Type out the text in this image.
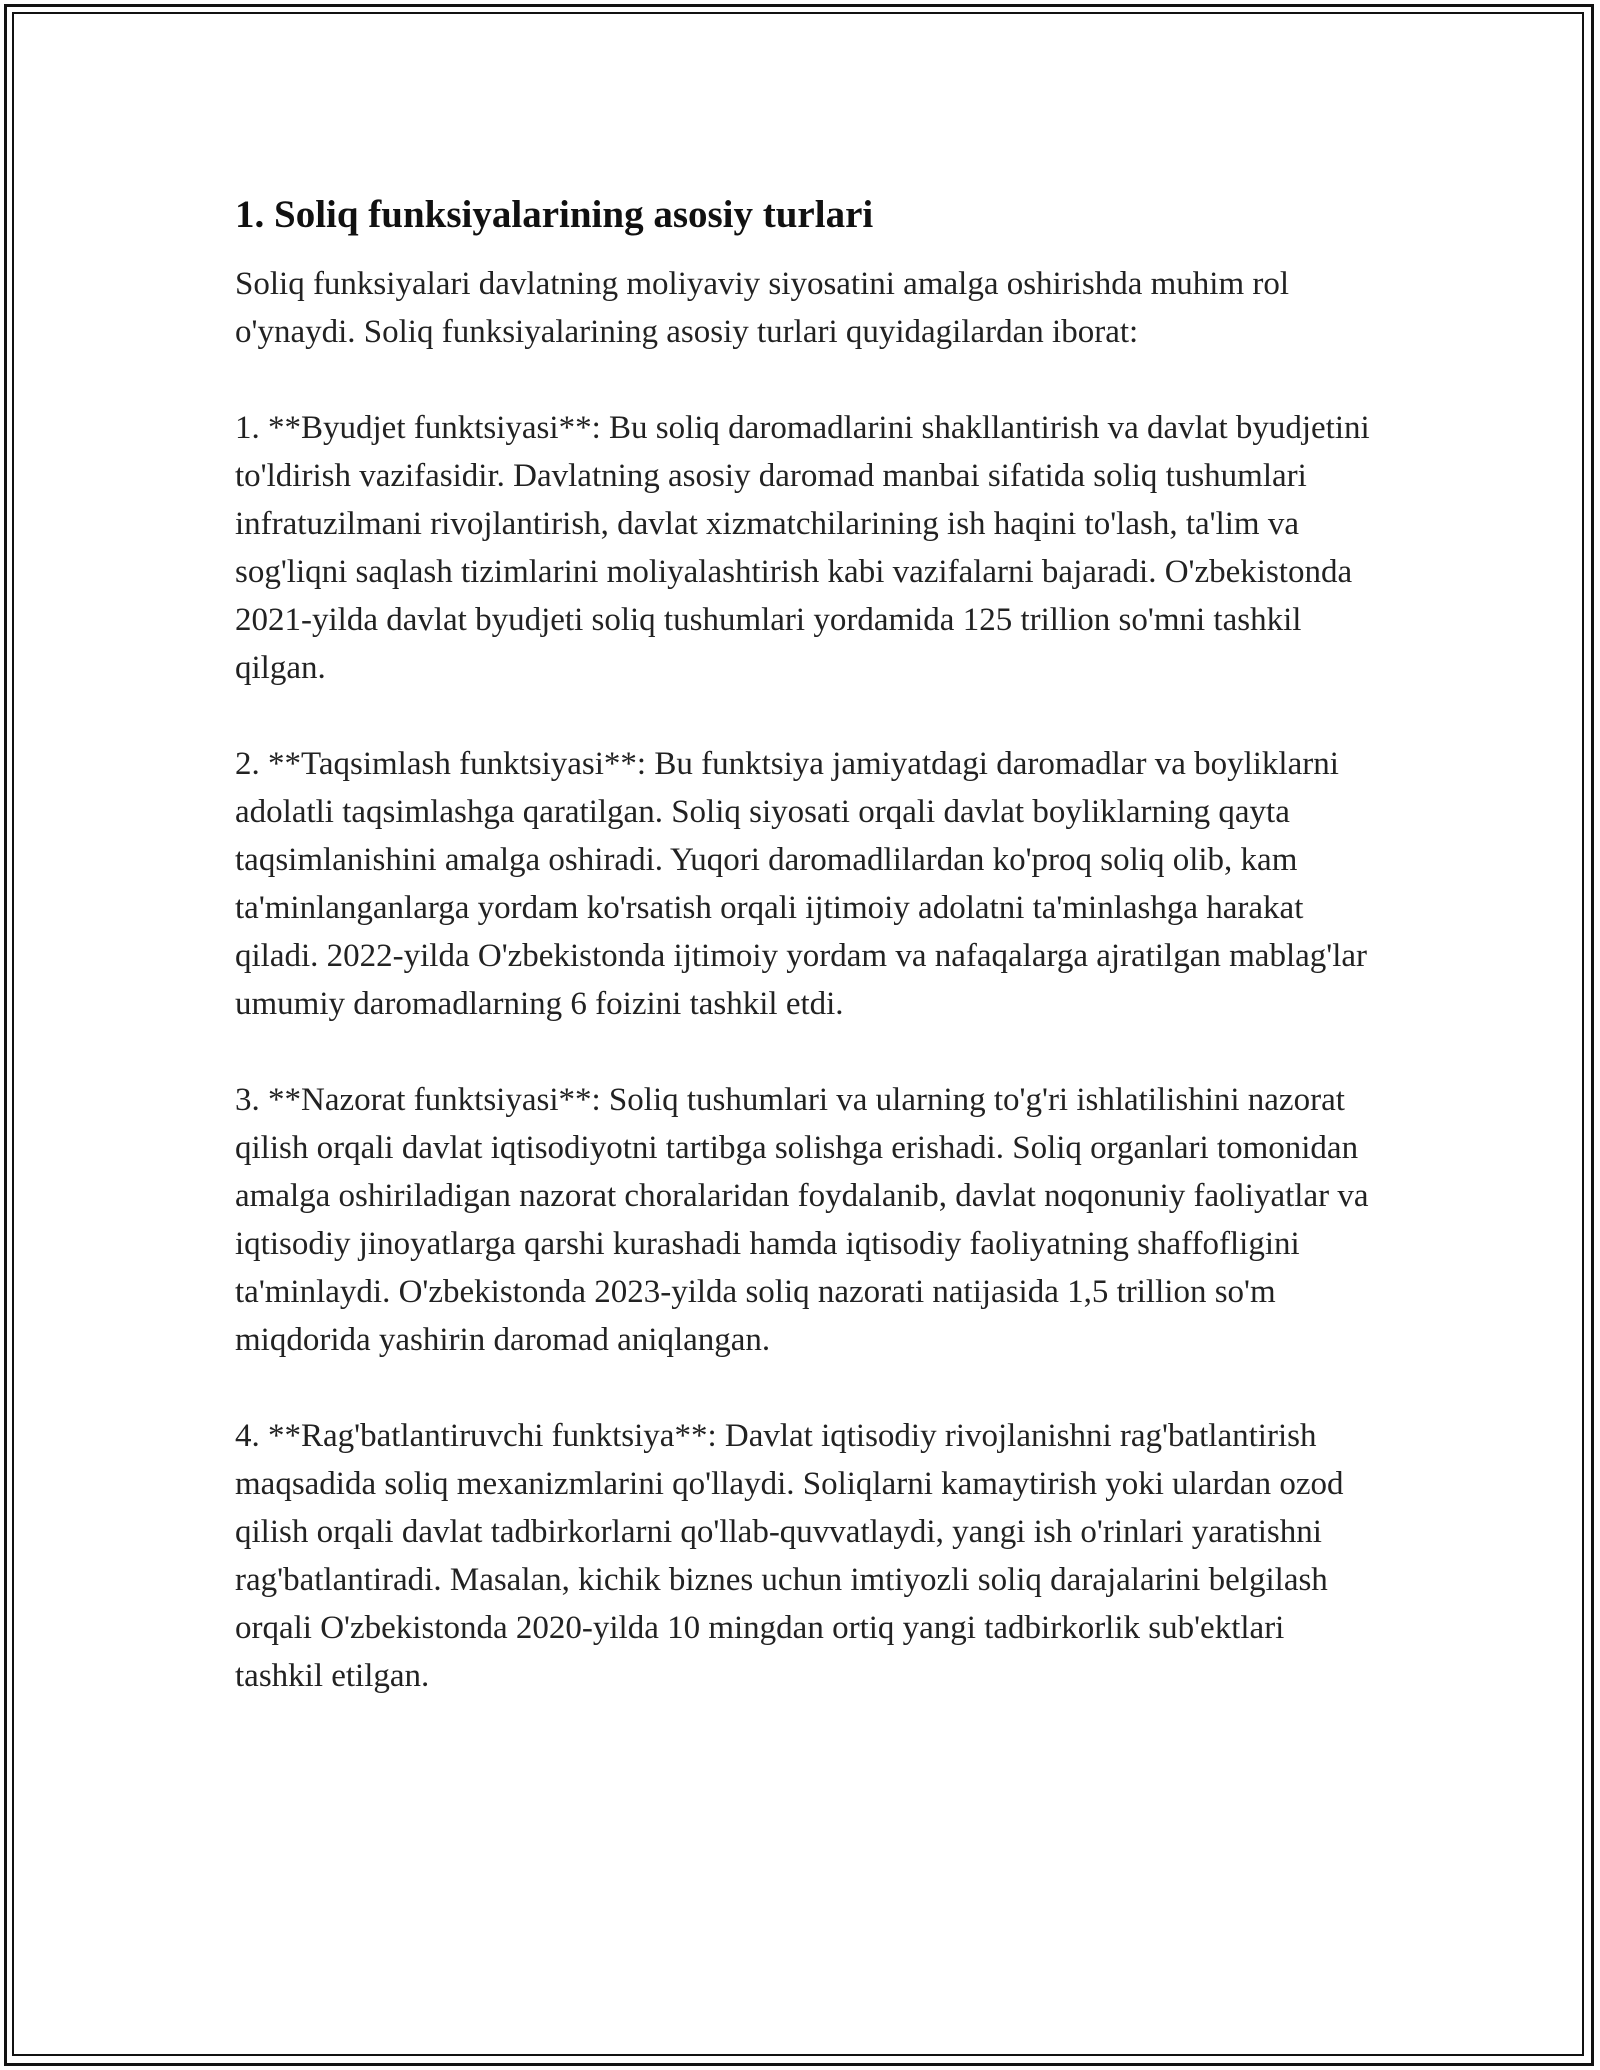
1. Soliq funksiyalarining asosiy turlari

Soliq funksiyalari davlatning moliyaviy siyosatini amalga oshirishda muhim rol o'ynaydi. Soliq funksiyalarining asosiy turlari quyidagilardan iborat:

1. **Byudjet funktsiyasi**: Bu soliq daromadlarini shakllantirish va davlat byudjetini to'ldirish vazifasidir. Davlatning asosiy daromad manbai sifatida soliq tushumlari infratuzilmani rivojlantirish, davlat xizmatchilarining ish haqini to'lash, ta'lim va sog'liqni saqlash tizimlarini moliyalashtirish kabi vazifalarni bajaradi. O'zbekistonda 2021-yilda davlat byudjeti soliq tushumlari yordamida 125 trillion so'mni tashkil qilgan.

2. **Taqsimlash funktsiyasi**: Bu funktsiya jamiyatdagi daromadlar va boyliklarni adolatli taqsimlashga qaratilgan. Soliq siyosati orqali davlat boyliklarning qayta taqsimlanishini amalga oshiradi. Yuqori daromadlilardan ko'proq soliq olib, kam ta'minlanganlarga yordam ko'rsatish orqali ijtimoiy adolatni ta'minlashga harakat qiladi. 2022-yilda O'zbekistonda ijtimoiy yordam va nafaqalarga ajratilgan mablag'lar umumiy daromadlarning 6 foizini tashkil etdi.

3. **Nazorat funktsiyasi**: Soliq tushumlari va ularning to'g'ri ishlatilishini nazorat qilish orqali davlat iqtisodiyotni tartibga solishga erishadi. Soliq organlari tomonidan amalga oshiriladigan nazorat choralaridan foydalanib, davlat noqonuniy faoliyatlar va iqtisodiy jinoyatlarga qarshi kurashadi hamda iqtisodiy faoliyatning shaffofligini ta'minlaydi. O'zbekistonda 2023-yilda soliq nazorati natijasida 1,5 trillion so'm miqdorida yashirin daromad aniqlangan.

4. **Rag'batlantiruvchi funktsiya**: Davlat iqtisodiy rivojlanishni rag'batlantirish maqsadida soliq mexanizmlarini qo'llaydi. Soliqlarni kamaytirish yoki ulardan ozod qilish orqali davlat tadbirkorlarni qo'llab-quvvatlaydi, yangi ish o'rinlari yaratishni rag'batlantiradi. Masalan, kichik biznes uchun imtiyozli soliq darajalarini belgilash orqali O'zbekistonda 2020-yilda 10 mingdan ortiq yangi tadbirkorlik sub'ektlari tashkil etilgan.
